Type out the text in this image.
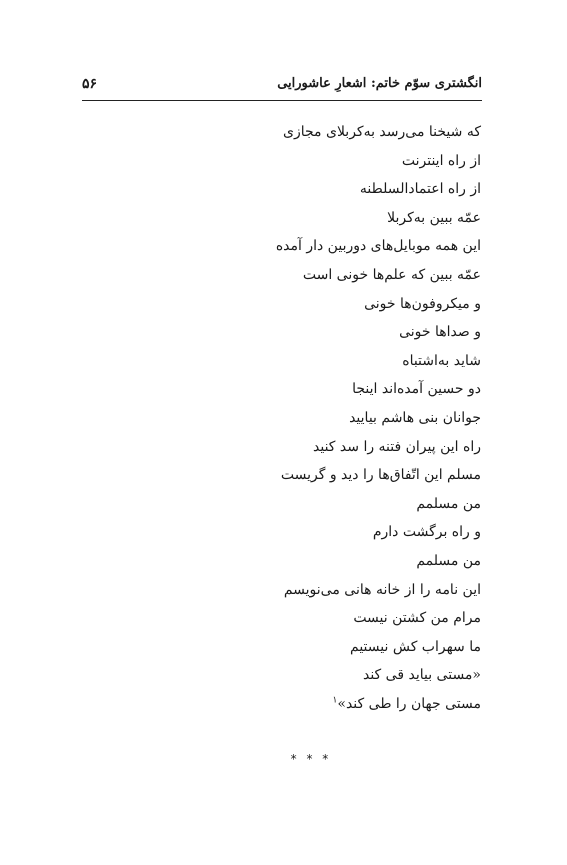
انگشتری سوّم خاتم: اشعارِ عاشورایی
۵۶
که شیخنا می‌رسد به‌کربلای مجازی
از راه اینترنت
از راه اعتمادالسلطنه
عمّه ببین به‌کربلا
این همه موبایل‌های دوربین دار آمده
عمّه ببین که علم‌ها خونی است
و میکروفون‌ها خونی
و صداها خونی
شاید به‌اشتباه
دو حسین آمده‌اند اینجا
جوانان بنی هاشم بیایید
راه این پیران فتنه را سد کنید
مسلم این اتّفاق‌ها را دید و گریست
من مسلمم
و راه برگشت دارم
من مسلمم
این نامه را از خانه هانی می‌نویسم
مرام من کشتن نیست
ما سهراب کش نیستیم
«مستی بیاید قی کند
مستی جهان را طی کند»$^۱$
* * *
